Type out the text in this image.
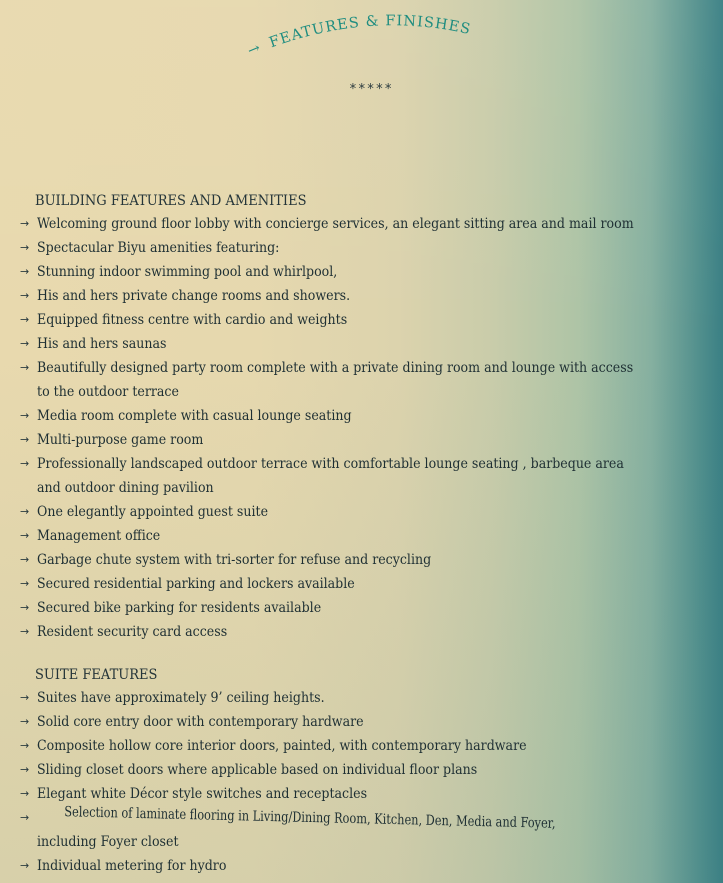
→ FEATURES & FINISHES
*****
BUILDING FEATURES AND AMENITIES
→ Welcoming ground floor lobby with concierge services, an elegant sitting area and mail room
→ Spectacular Biyu amenities featuring:
→ Stunning indoor swimming pool and whirlpool,
→ His and hers private change rooms and showers.
→ Equipped fitness centre with cardio and weights
→ His and hers saunas
→ Beautifully designed party room complete with a private dining room and lounge with access
to the outdoor terrace
→ Media room complete with casual lounge seating
→ Multi-purpose game room
→ Professionally landscaped outdoor terrace with comfortable lounge seating , barbeque area
and outdoor dining pavilion
→ One elegantly appointed guest suite
→ Management office
→ Garbage chute system with tri-sorter for refuse and recycling
→ Secured residential parking and lockers available
→ Secured bike parking for residents available
→ Resident security card access
SUITE FEATURES
→ Suites have approximately 9’ ceiling heights.
→ Solid core entry door with contemporary hardware
→ Composite hollow core interior doors, painted, with contemporary hardware
→ Sliding closet doors where applicable based on individual floor plans
→ Elegant white Décor style switches and receptacles
→	Selection of laminate flooring in Living/Dining Room, Kitchen, Den, Media and Foyer,
including Foyer closet
→ Individual metering for hydro
